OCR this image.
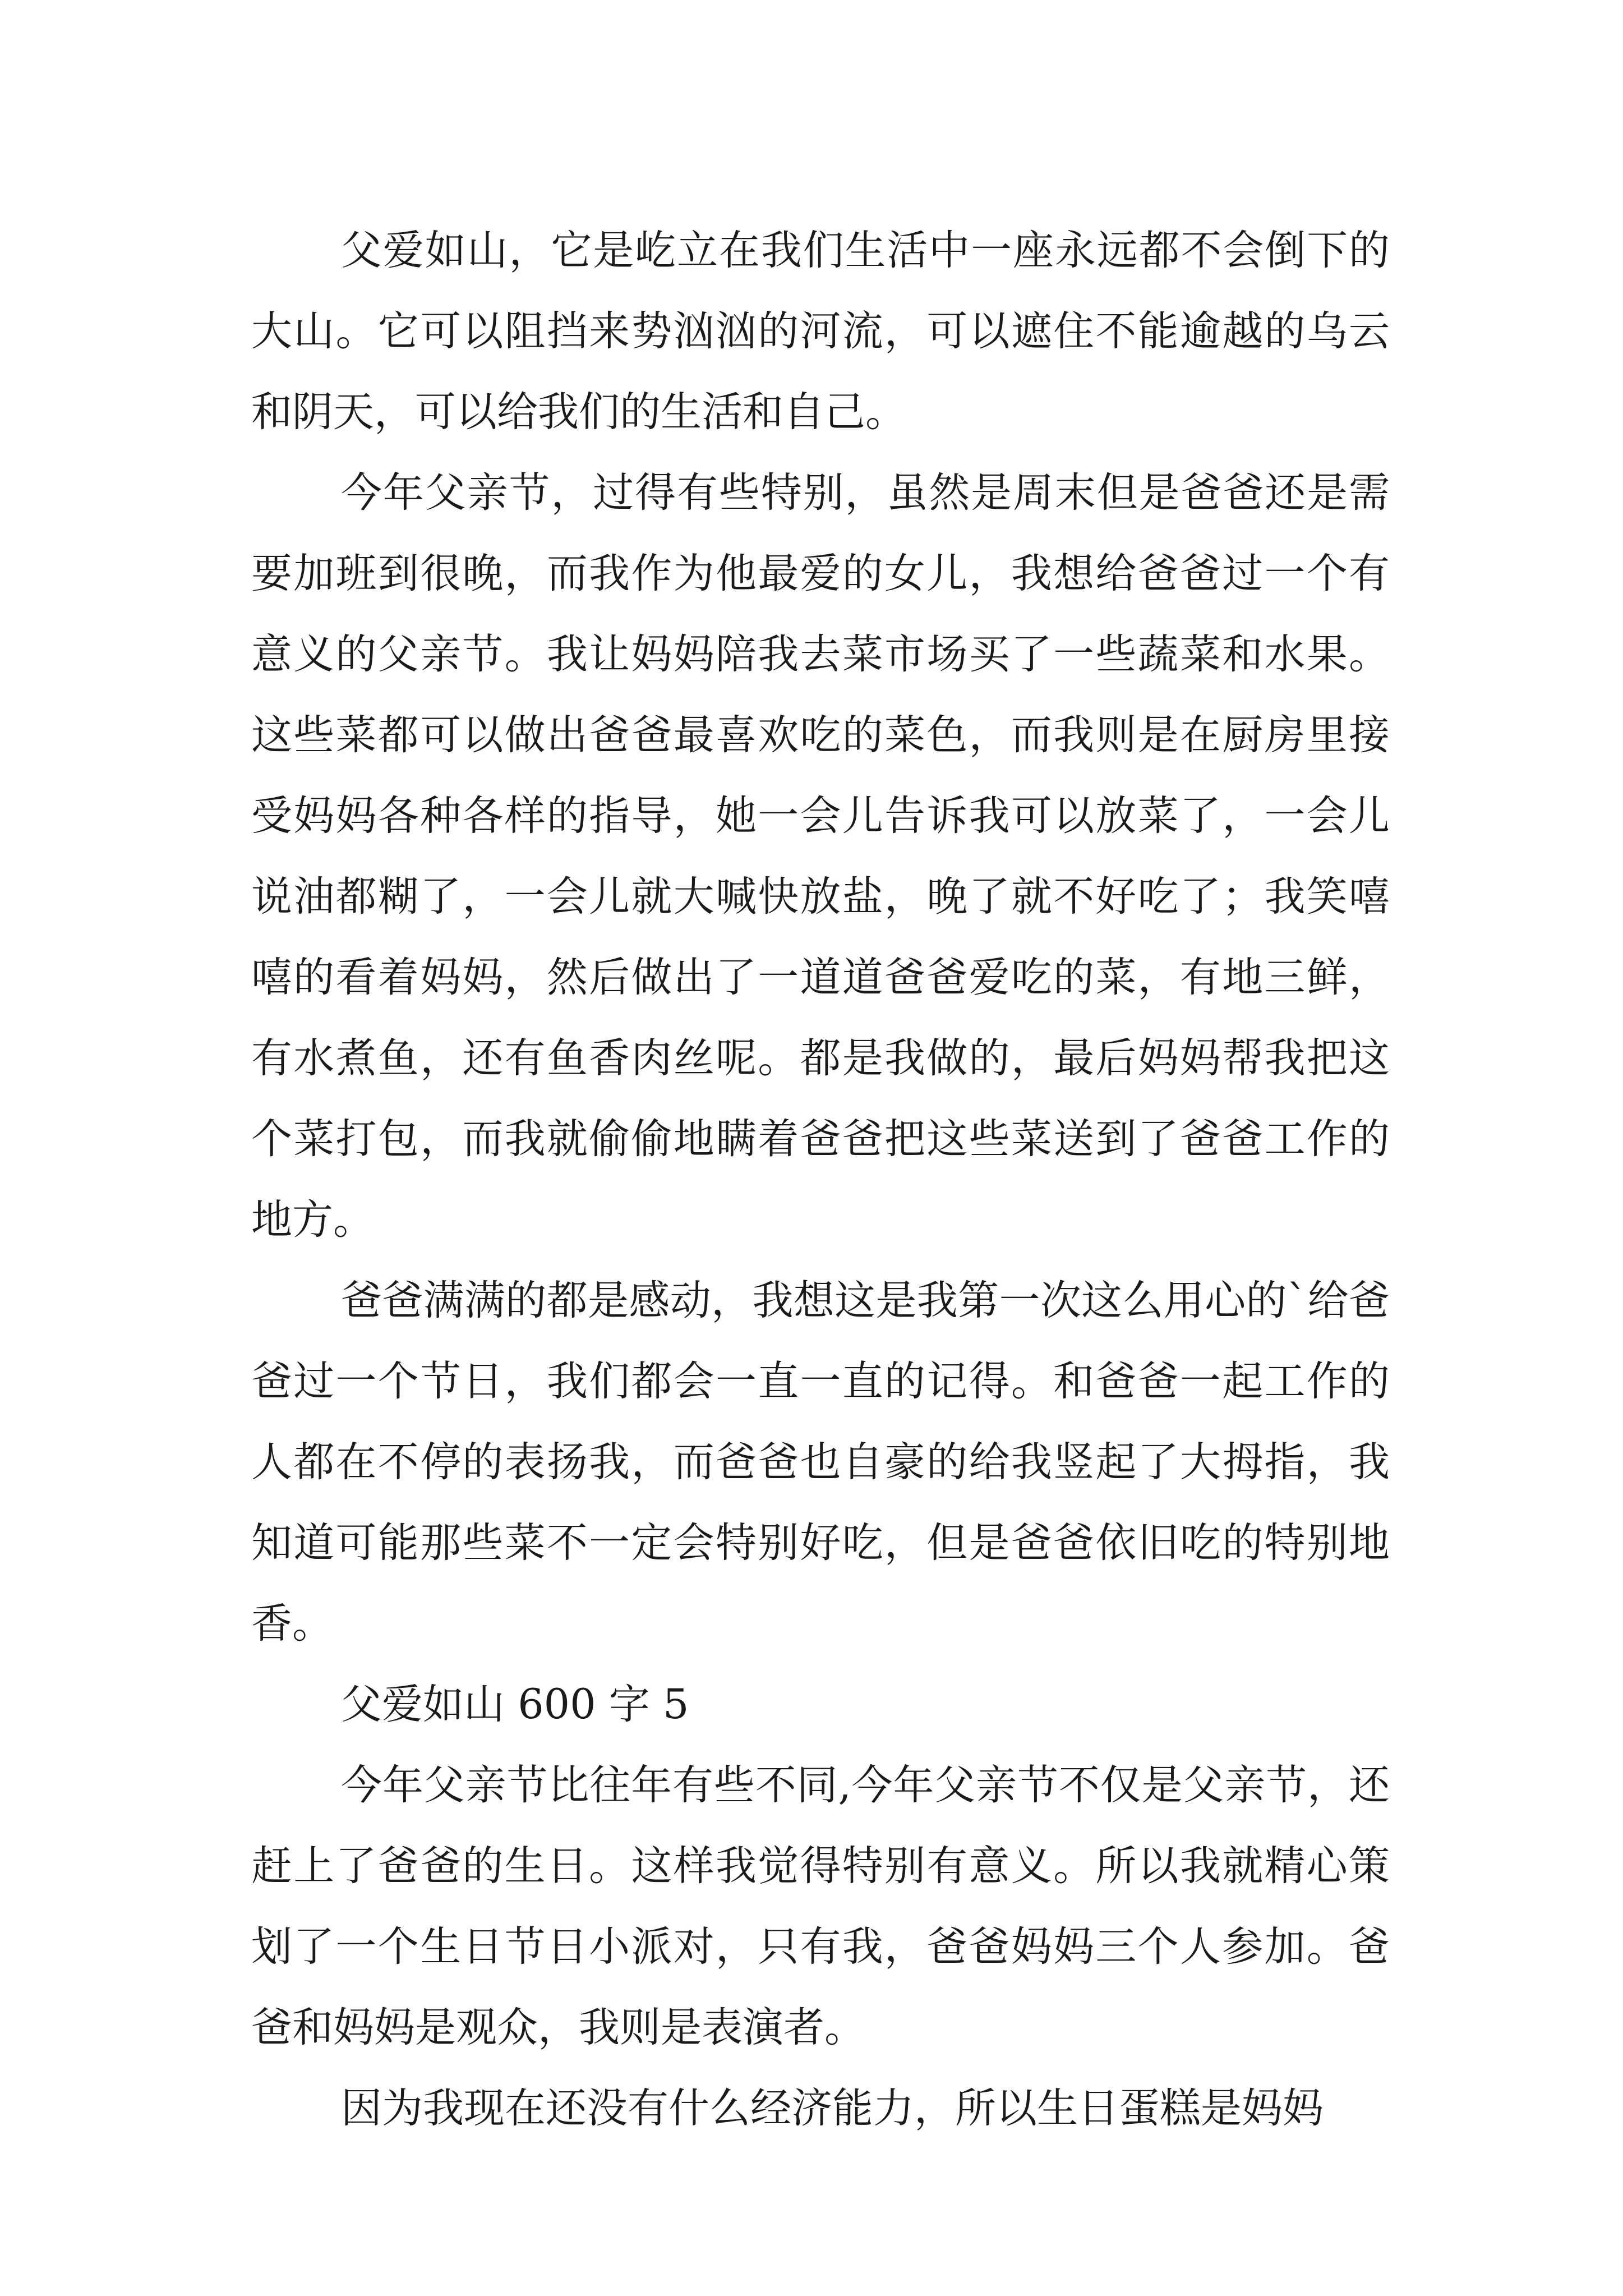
父爱如山，它是屹立在我们生活中一座永远都不会倒下的大山。它可以阻挡来势汹汹的河流，可以遮住不能逾越的乌云和阴天，可以给我们的生活和自己。

今年父亲节，过得有些特别，虽然是周末但是爸爸还是需要加班到很晚，而我作为他最爱的女儿，我想给爸爸过一个有意义的父亲节。我让妈妈陪我去菜市场买了一些蔬菜和水果。这些菜都可以做出爸爸最喜欢吃的菜色，而我则是在厨房里接受妈妈各种各样的指导，她一会儿告诉我可以放菜了，一会儿说油都糊了，一会儿就大喊快放盐，晚了就不好吃了；我笑嘻嘻的看着妈妈，然后做出了一道道爸爸爱吃的菜，有地三鲜，有水煮鱼，还有鱼香肉丝呢。都是我做的，最后妈妈帮我把这个菜打包，而我就偷偷地瞒着爸爸把这些菜送到了爸爸工作的地方。

爸爸满满的都是感动，我想这是我第一次这么用心的`给爸爸过一个节日，我们都会一直一直的记得。和爸爸一起工作的人都在不停的表扬我，而爸爸也自豪的给我竖起了大拇指，我知道可能那些菜不一定会特别好吃，但是爸爸依旧吃的特别地香。

父爱如山 600 字 5

今年父亲节比往年有些不同,今年父亲节不仅是父亲节，还赶上了爸爸的生日。这样我觉得特别有意义。所以我就精心策划了一个生日节日小派对，只有我，爸爸妈妈三个人参加。爸爸和妈妈是观众，我则是表演者。

因为我现在还没有什么经济能力，所以生日蛋糕是妈妈
